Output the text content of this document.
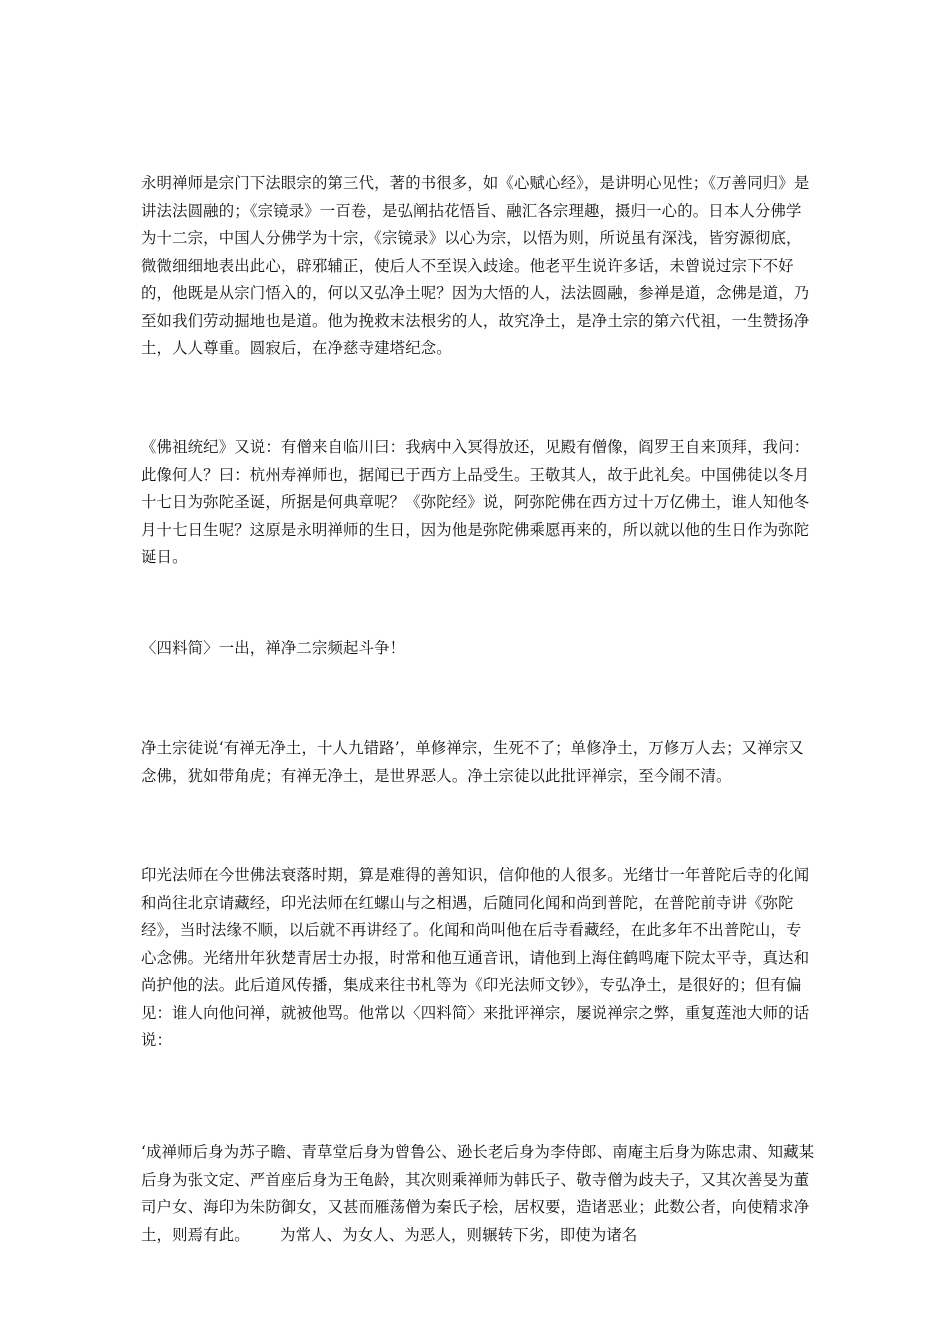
永明禅师是宗门下法眼宗的第三代，著的书很多，如《心赋心经》，是讲明心见性；《万善同归》是讲法法圆融的；《宗镜录》一百卷，是弘阐拈花悟旨、融汇各宗理趣，摄归一心的。日本人分佛学为十二宗，中国人分佛学为十宗，《宗镜录》以心为宗，以悟为则，所说虽有深浅，皆穷源彻底，微微细细地表出此心，辟邪辅正，使后人不至误入歧途。他老平生说许多话，未曾说过宗下不好的，他既是从宗门悟入的，何以又弘净土呢？因为大悟的人，法法圆融，参禅是道，念佛是道，乃至如我们劳动掘地也是道。他为挽救末法根劣的人，故究净土，是净土宗的第六代祖，一生赞扬净土，人人尊重。圆寂后，在净慈寺建塔纪念。

《佛祖统纪》又说：有僧来自临川曰：我病中入冥得放还，见殿有僧像，阎罗王自来顶拜，我问：此像何人？曰：杭州寿禅师也，据闻已于西方上品受生。王敬其人，故于此礼矣。中国佛徒以冬月十七日为弥陀圣诞，所据是何典章呢？《弥陀经》说，阿弥陀佛在西方过十万亿佛土，谁人知他冬月十七日生呢？这原是永明禅师的生日，因为他是弥陀佛乘愿再来的，所以就以他的生日作为弥陀诞日。

〈四料简〉一出，禅净二宗频起斗争！

净土宗徒说‘有禅无净土，十人九错路’，单修禅宗，生死不了；单修净土，万修万人去；又禅宗又念佛，犹如带角虎；有禅无净土，是世界恶人。净土宗徒以此批评禅宗，至今闹不清。

印光法师在今世佛法衰落时期，算是难得的善知识，信仰他的人很多。光绪廿一年普陀后寺的化闻和尚往北京请藏经，印光法师在红螺山与之相遇，后随同化闻和尚到普陀，在普陀前寺讲《弥陀经》，当时法缘不顺，以后就不再讲经了。化闻和尚叫他在后寺看藏经，在此多年不出普陀山，专心念佛。光绪卅年狄楚青居士办报，时常和他互通音讯，请他到上海住鹤鸣庵下院太平寺，真达和尚护他的法。此后道风传播，集成来往书札等为《印光法师文钞》，专弘净土，是很好的；但有偏见：谁人向他问禅，就被他骂。他常以〈四料简〉来批评禅宗，屡说禅宗之弊，重复莲池大师的话说：

‘成禅师后身为苏子瞻、青草堂后身为曾鲁公、逊长老后身为李侍郎、南庵主后身为陈忠肃、知藏某后身为张文定、严首座后身为王龟龄，其次则乘禅师为韩氏子、敬寺僧为歧夫子，又其次善旻为董司户女、海印为朱防御女，又甚而雁荡僧为秦氏子桧，居权要，造诸恶业；此数公者，向使精求净土，则焉有此。      为常人、为女人、为恶人，则辗转下劣，即使为诸名
